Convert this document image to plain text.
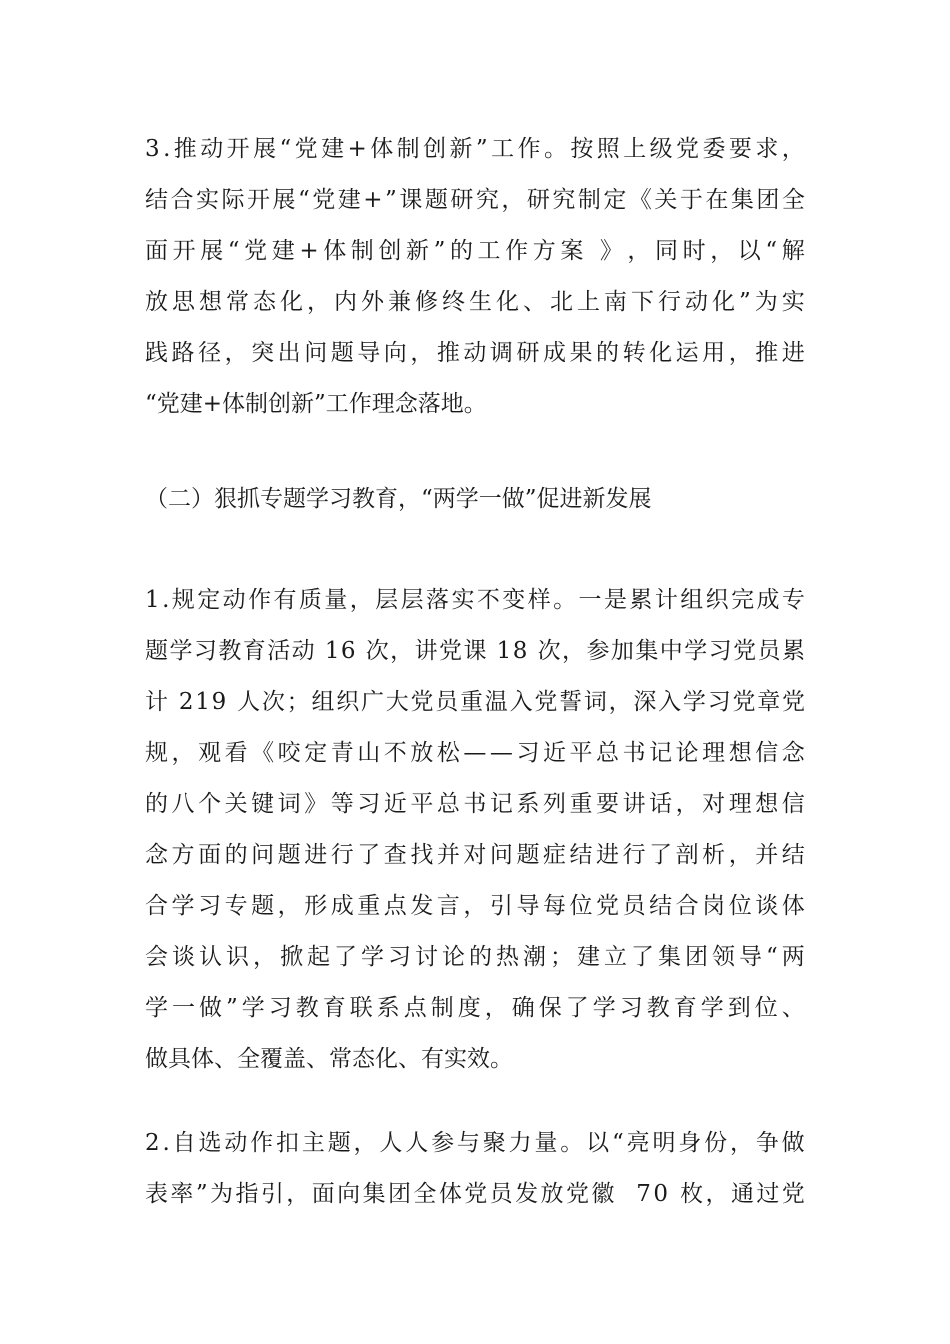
3 . 推 动 开 展 “ 党 建 + 体 制 创 新 ” 工 作 。 按 照 上 级 党 委 要 求 ，
结 合 实 际 开 展 “ 党 建 + ” 课 题 研 究 ， 研 究 制 定 《 关 于 在 集 团 全
面 开 展 “ 党 建 + 体 制 创 新 ” 的 工 作 方 案
》 ， 同 时 ， 以 “ 解
放 思 想 常 态 化 ， 内 外 兼 修 终 生 化 、 北 上 南 下 行 动 化 ” 为 实
践 路 径 ， 突 出 问 题 导 向 ， 推 动 调 研 成 果 的 转 化 运 用 ， 推 进
“党建+体制创新”工作理念落地。
（二）狠抓专题学习教育，“两学一做”促进新发展
1 . 规 定 动 作 有 质 量 ， 层 层 落 实 不 变 样 。 一 是 累 计 组 织 完 成 专
题 学 习 教 育 活 动
1 6
次 ， 讲 党 课
1 8
次 ， 参 加 集 中 学 习 党 员 累
计
2 1 9
人 次 ； 组 织 广 大 党 员 重 温 入 党 誓 词 ， 深 入 学 习 党 章 党
规 ， 观 看 《 咬 定 青 山 不 放 松 — — 习 近 平 总 书 记 论 理 想 信 念
的 八 个 关 键 词 》 等 习 近 平 总 书 记 系 列 重 要 讲 话 ， 对 理 想 信
念 方 面 的 问 题 进 行 了 查 找 并 对 问 题 症 结 进 行 了 剖 析 ， 并 结
合 学 习 专 题 ， 形 成 重 点 发 言 ， 引 导 每 位 党 员 结 合 岗 位 谈 体
会 谈 认 识 ， 掀 起 了 学 习 讨 论 的 热 潮 ； 建 立 了 集 团 领 导 “ 两
学 一 做 ” 学 习 教 育 联 系 点 制 度 ， 确 保 了 学 习 教 育 学 到 位 、
做具体、全覆盖、常态化、有实效。
2 . 自 选 动 作 扣 主 题 ， 人 人 参 与 聚 力 量 。 以 “ 亮 明 身 份 ， 争 做
表 率 ” 为 指 引 ， 面 向 集 团 全 体 党 员 发 放 党 徽

7 0
枚 ， 通 过 党
